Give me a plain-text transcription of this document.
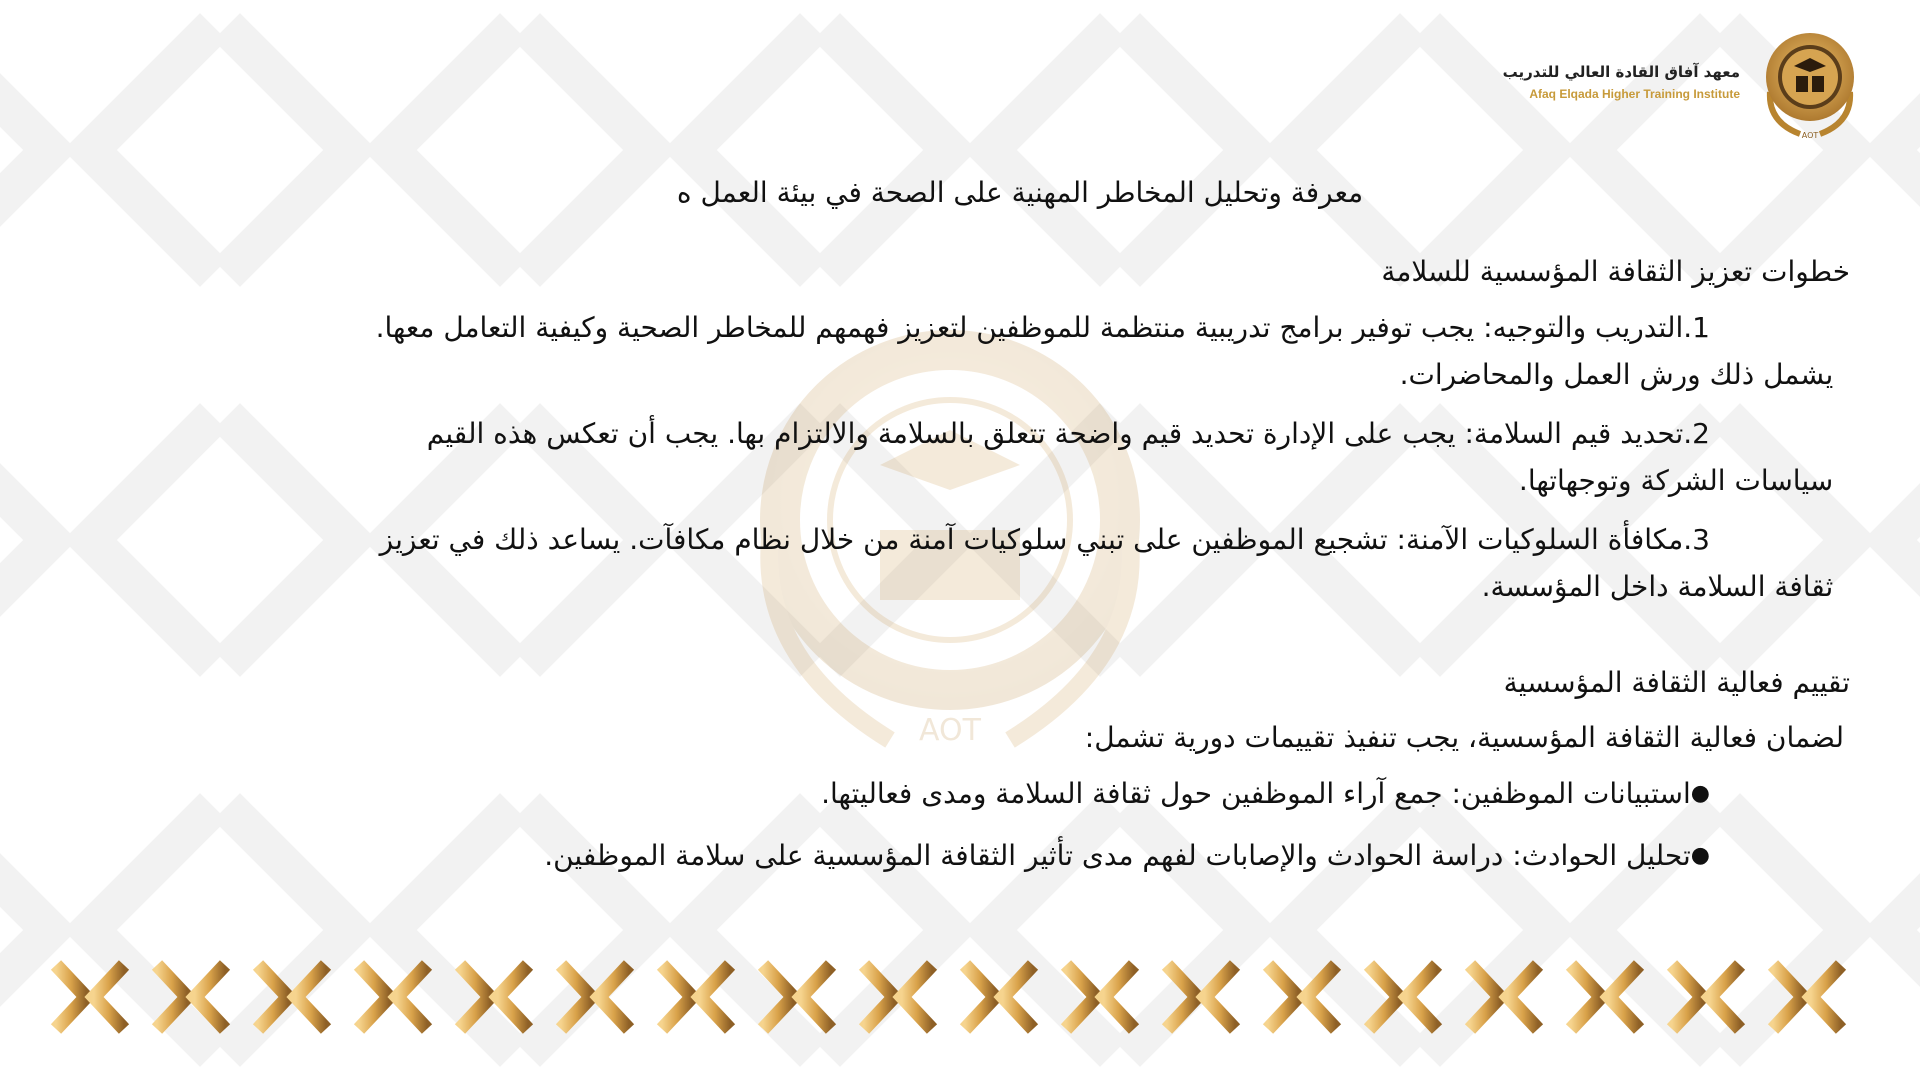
AOT
معهد آفاق القادة العالي للتدريب
Afaq Elqada Higher Training Institute
AOT

معرفة وتحليل المخاطر المهنية على الصحة في بيئة العمل ه

خطوات تعزيز الثقافة المؤسسية للسلامة

1.
التدريب والتوجيه: يجب توفير برامج تدريبية منتظمة للموظفين لتعزيز فهمهم للمخاطر الصحية وكيفية التعامل معها.
يشمل ذلك ورش العمل والمحاضرات.
2.
تحديد قيم السلامة: يجب على الإدارة تحديد قيم واضحة تتعلق بالسلامة والالتزام بها. يجب أن تعكس هذه القيم
سياسات الشركة وتوجهاتها.
3.
مكافأة السلوكيات الآمنة: تشجيع الموظفين على تبني سلوكيات آمنة من خلال نظام مكافآت. يساعد ذلك في تعزيز
ثقافة السلامة داخل المؤسسة.

تقييم فعالية الثقافة المؤسسية

لضمان فعالية الثقافة المؤسسية، يجب تنفيذ تقييمات دورية تشمل:

●
استبيانات الموظفين: جمع آراء الموظفين حول ثقافة السلامة ومدى فعاليتها.
●
تحليل الحوادث: دراسة الحوادث والإصابات لفهم مدى تأثير الثقافة المؤسسية على سلامة الموظفين.
